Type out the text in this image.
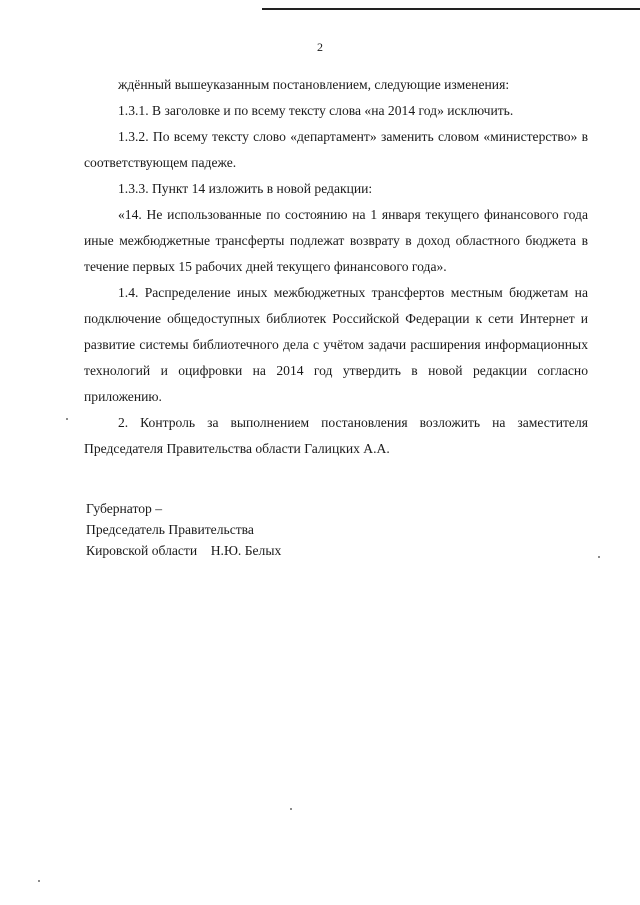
2

ждённый вышеуказанным постановлением, следующие изменения:

1.3.1. В заголовке и по всему тексту слова «на 2014 год» исключить.

1.3.2. По всему тексту слово «департамент» заменить словом «министерство» в соответствующем падеже.

1.3.3. Пункт 14 изложить в новой редакции:

«14. Не использованные по состоянию на 1 января текущего финансового года иные межбюджетные трансферты подлежат возврату в доход областного бюджета в течение первых 15 рабочих дней текущего финансового года».

1.4. Распределение иных межбюджетных трансфертов местным бюджетам на подключение общедоступных библиотек Российской Федерации к сети Интернет и развитие системы библиотечного дела с учётом задачи расширения информационных технологий и оцифровки на 2014 год утвердить в новой редакции согласно приложению.

2. Контроль за выполнением постановления возложить на заместителя Председателя Правительства области Галицких А.А.

Губернатор –
Председатель Правительства
Кировской области Н.Ю. Белых
